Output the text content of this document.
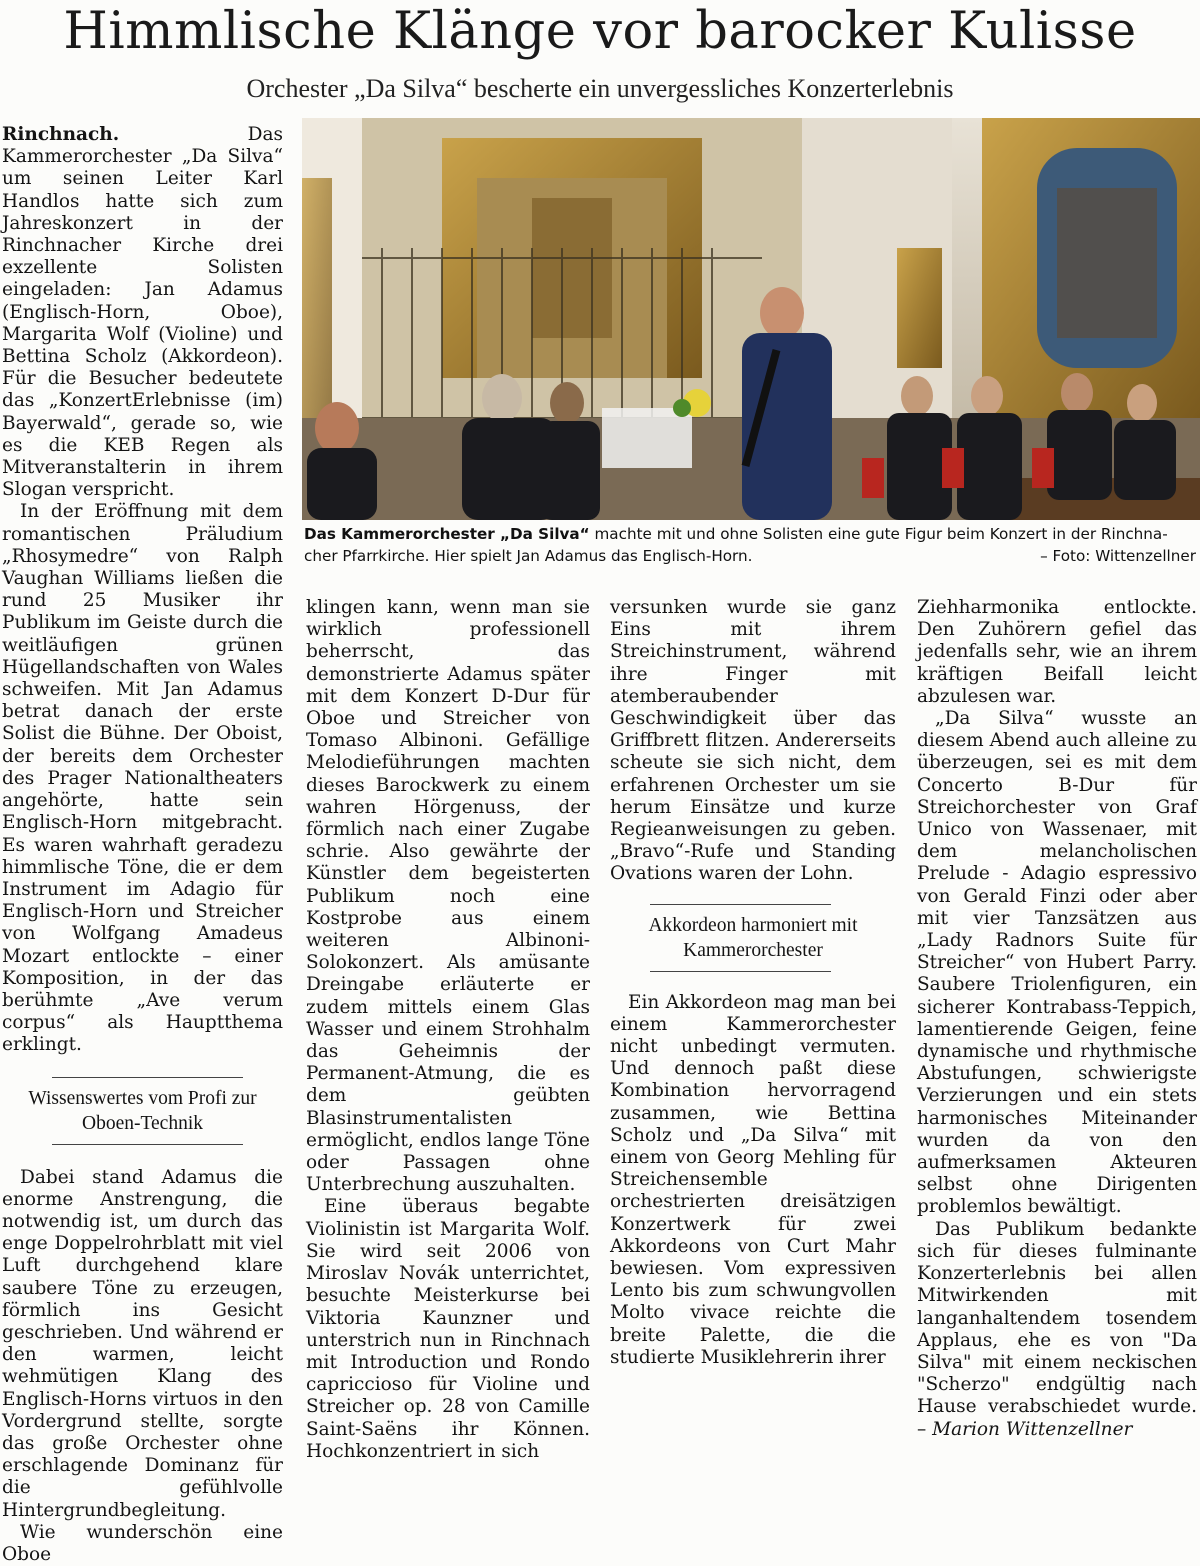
Himmlische Klänge vor barocker Kulisse
Orchester „Da Silva“ bescherte ein unvergessliches Konzerterlebnis

Rinchnach. Das Kammerorchester „Da Silva“ um seinen Leiter Karl Handlos hatte sich zum Jahreskonzert in der Rinchnacher Kirche drei exzellente Solisten eingeladen: Jan Adamus (Englisch-Horn, Oboe), Margarita Wolf (Violine) und Bettina Scholz (Akkordeon). Für die Besucher bedeutete das „KonzertErlebnisse (im) Bayerwald“, gerade so, wie es die KEB Regen als Mitveranstalterin in ihrem Slogan verspricht.

In der Eröffnung mit dem romantischen Präludium „Rhosymedre“ von Ralph Vaughan Williams ließen die rund 25 Musiker ihr Publikum im Geiste durch die weitläufigen grünen Hügellandschaften von Wales schweifen. Mit Jan Adamus betrat danach der erste Solist die Bühne. Der Oboist, der bereits dem Orchester des Prager Nationaltheaters angehörte, hatte sein Englisch-Horn mitgebracht. Es waren wahrhaft geradezu himmlische Töne, die er dem Instrument im Adagio für Englisch-Horn und Streicher von Wolfgang Amadeus Mozart entlockte – einer Komposition, in der das berühmte „Ave verum corpus“ als Hauptthema erklingt.

Wissenswertes vom Profi zur Oboen-Technik

Dabei stand Adamus die enorme Anstrengung, die notwendig ist, um durch das enge Doppelrohrblatt mit viel Luft durchgehend klare saubere Töne zu erzeugen, förmlich ins Gesicht geschrieben. Und während er den warmen, leicht wehmütigen Klang des Englisch-Horns virtuos in den Vordergrund stellte, sorgte das große Orchester ohne erschlagende Dominanz für die gefühlvolle Hintergrundbegleitung.

Wie wunderschön eine Oboe

Das Kammerorchester „Da Silva“ machte mit und ohne Solisten eine gute Figur beim Konzert in der Rinchna-cher Pfarrkirche. Hier spielt Jan Adamus das Englisch-Horn.	– Foto: Wittenzellner

klingen kann, wenn man sie wirklich professionell beherrscht, das demonstrierte Adamus später mit dem Konzert D-Dur für Oboe und Streicher von Tomaso Albinoni. Gefällige Melodieführungen machten dieses Barockwerk zu einem wahren Hörgenuss, der förmlich nach einer Zugabe schrie. Also gewährte der Künstler dem begeisterten Publikum noch eine Kostprobe aus einem weiteren Albinoni-Solokonzert. Als amüsante Dreingabe erläuterte er zudem mittels einem Glas Wasser und einem Strohhalm das Geheimnis der Permanent-Atmung, die es dem geübten Blasinstrumentalisten ermöglicht, endlos lange Töne oder Passagen ohne Unterbrechung auszuhalten.

Eine überaus begabte Violinistin ist Margarita Wolf. Sie wird seit 2006 von Miroslav Novák unterrichtet, besuchte Meisterkurse bei Viktoria Kaunzner und unterstrich nun in Rinchnach mit Introduction und Rondo capriccioso für Violine und Streicher op. 28 von Camille Saint-Saëns ihr Können. Hochkonzentriert in sich

versunken wurde sie ganz Eins mit ihrem Streichinstrument, während ihre Finger mit atemberaubender Geschwindigkeit über das Griffbrett flitzen. Andererseits scheute sie sich nicht, dem erfahrenen Orchester um sie herum Einsätze und kurze Regieanweisungen zu geben. „Bravo“-Rufe und Standing Ovations waren der Lohn.

Akkordeon harmoniert mit Kammerorchester

Ein Akkordeon mag man bei einem Kammerorchester nicht unbedingt vermuten. Und dennoch paßt diese Kombination hervorragend zusammen, wie Bettina Scholz und „Da Silva“ mit einem von Georg Mehling für Streichensemble orchestrierten dreisätzigen Konzertwerk für zwei Akkordeons von Curt Mahr bewiesen. Vom expressiven Lento bis zum schwungvollen Molto vivace reichte die breite Palette, die die studierte Musiklehrerin ihrer

Ziehharmonika entlockte. Den Zuhörern gefiel das jedenfalls sehr, wie an ihrem kräftigen Beifall leicht abzulesen war.

„Da Silva“ wusste an diesem Abend auch alleine zu überzeugen, sei es mit dem Concerto B-Dur für Streichorchester von Graf Unico von Wassenaer, mit dem melancholischen Prelude - Adagio espressivo von Gerald Finzi oder aber mit vier Tanzsätzen aus „Lady Radnors Suite für Streicher“ von Hubert Parry. Saubere Triolenfiguren, ein sicherer Kontrabass-Teppich, lamentierende Geigen, feine dynamische und rhythmische Abstufungen, schwierigste Verzierungen und ein stets harmonisches Miteinander wurden da von den aufmerksamen Akteuren selbst ohne Dirigenten problemlos bewältigt.

Das Publikum bedankte sich für dieses fulminante Konzerterlebnis bei allen Mitwirkenden mit langanhaltendem tosendem Applaus, ehe es von "Da Silva" mit einem neckischen "Scherzo" endgültig nach Hause verabschiedet wurde. – Marion Wittenzellner
